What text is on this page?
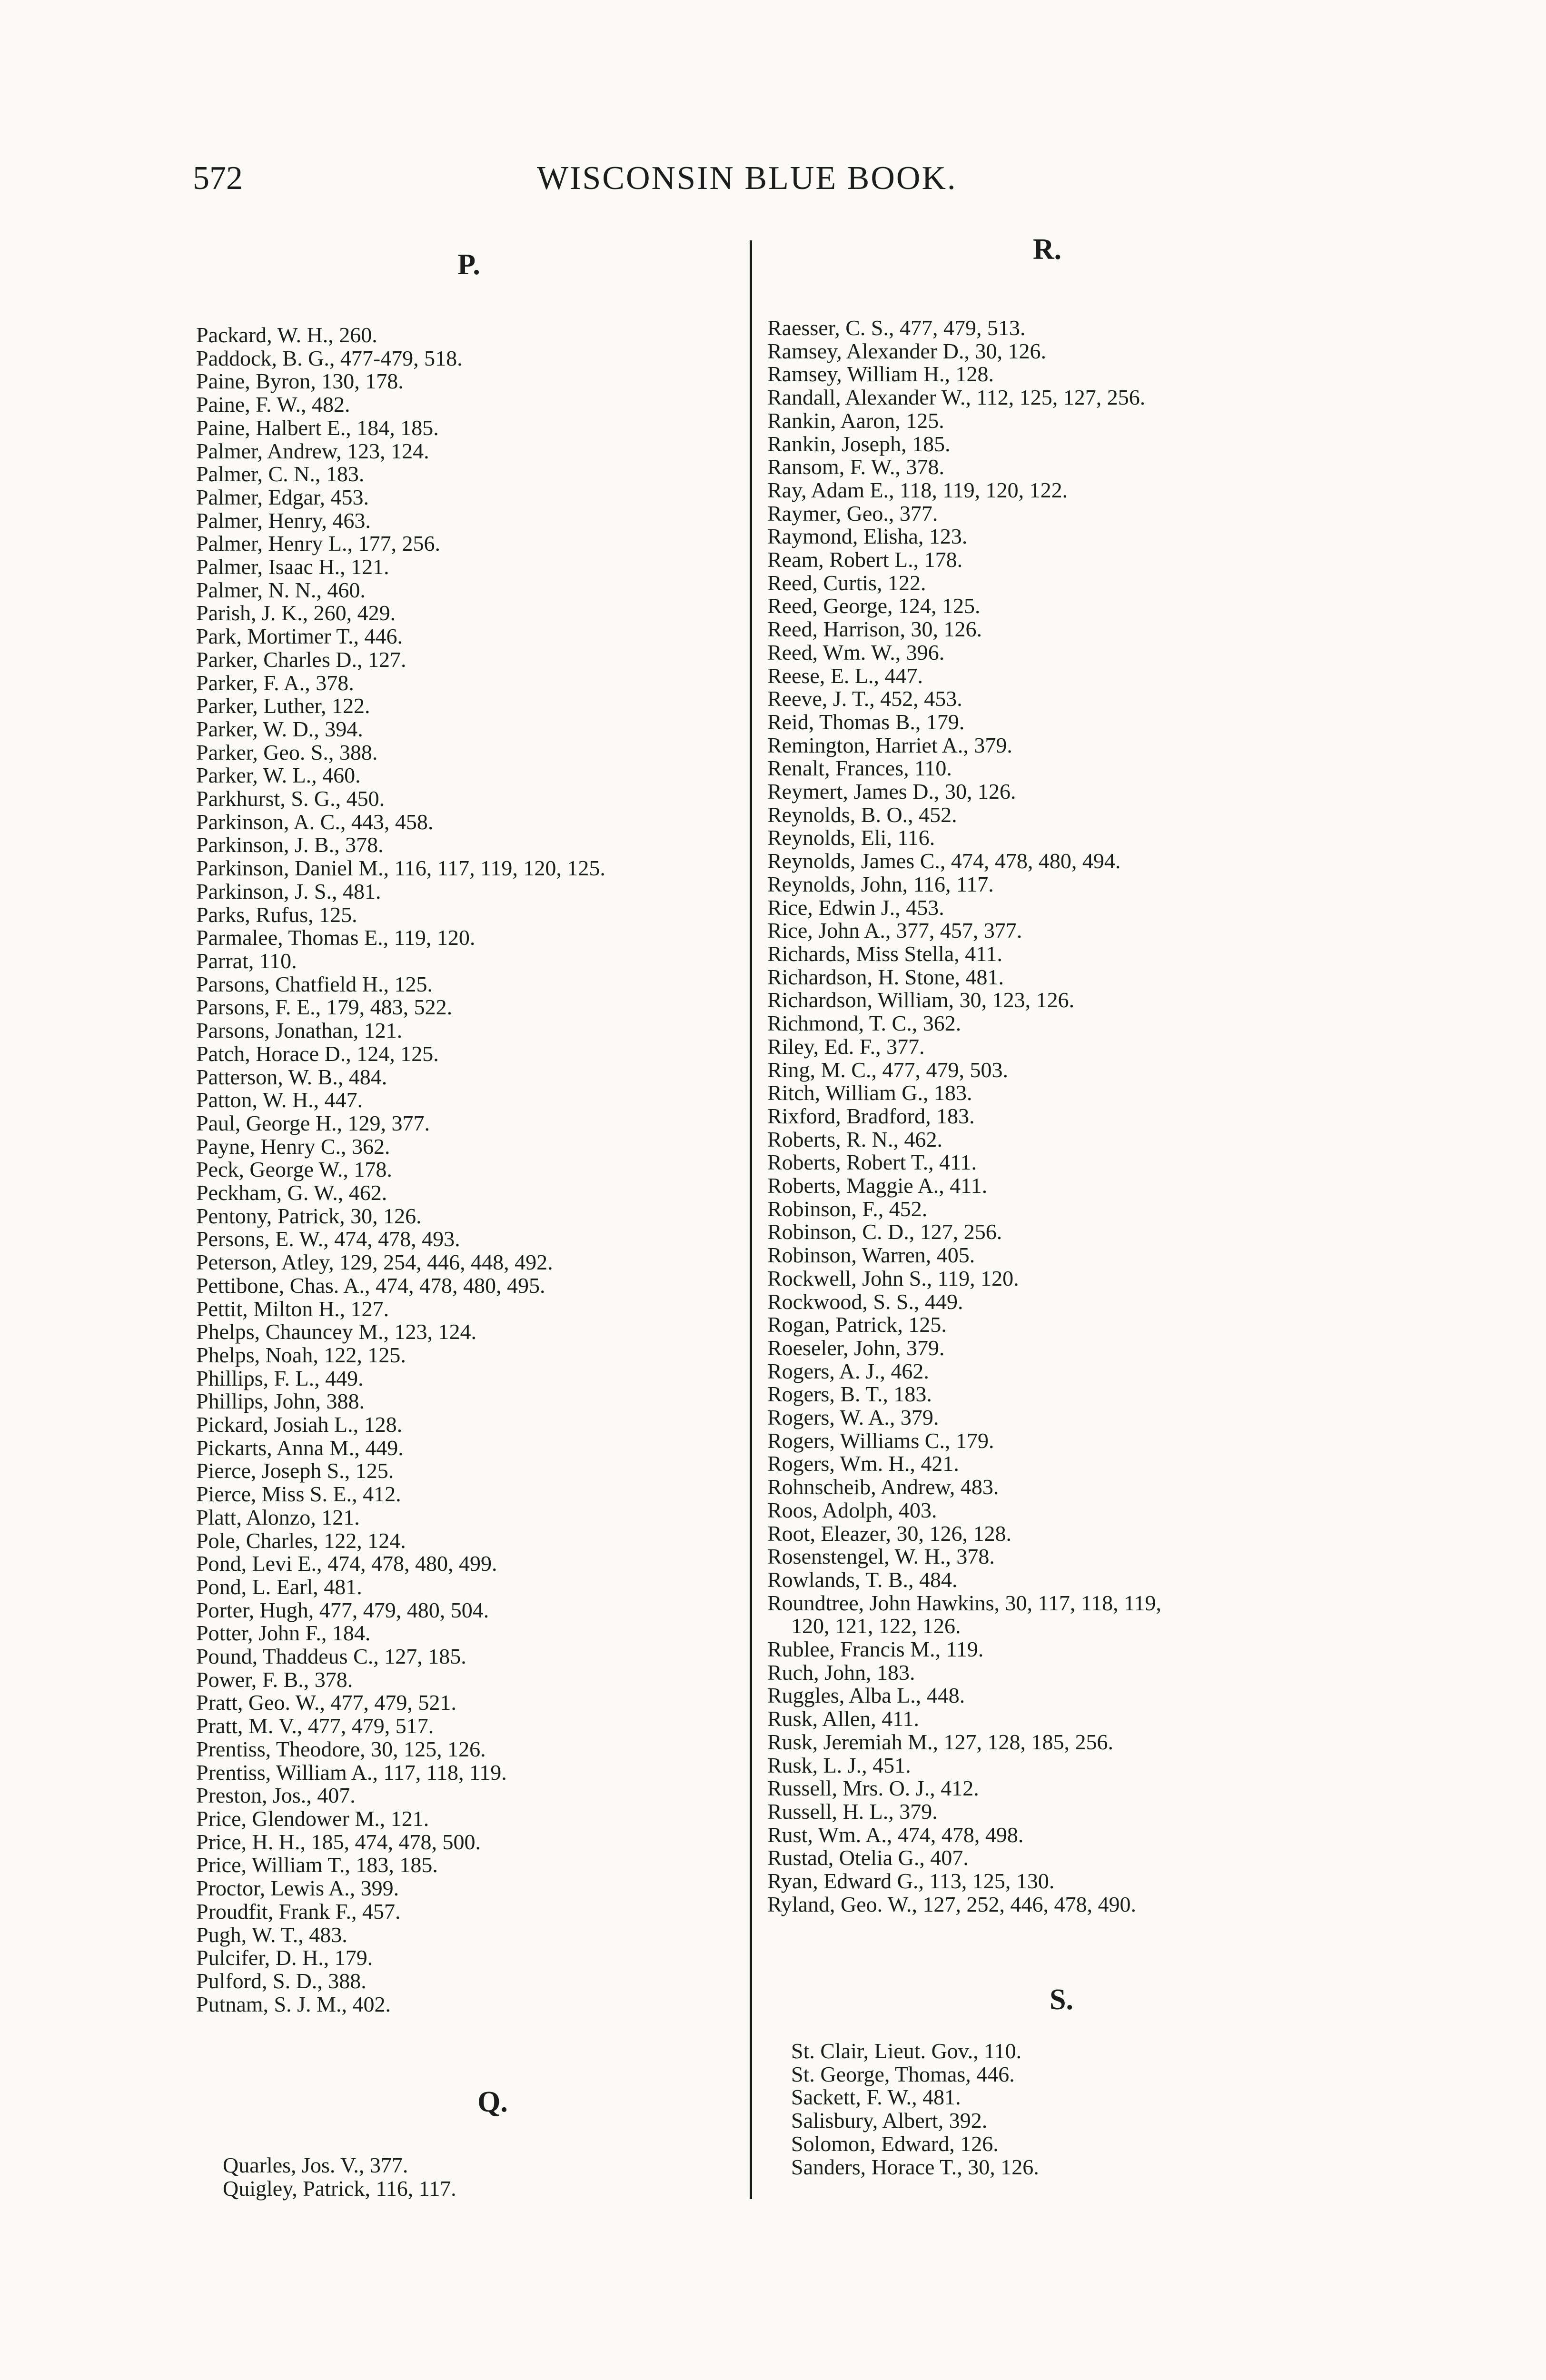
572	WISCONSIN BLUE BOOK.
P.
Packard, W. H., 260.
Paddock, B. G., 477-479, 518.
Paine, Byron, 130, 178.
Paine, F. W., 482.
Paine, Halbert E., 184, 185.
Palmer, Andrew, 123, 124.
Palmer, C. N., 183.
Palmer, Edgar, 453.
Palmer, Henry, 463.
Palmer, Henry L., 177, 256.
Palmer, Isaac H., 121.
Palmer, N. N., 460.
Parish, J. K., 260, 429.
Park, Mortimer T., 446.
Parker, Charles D., 127.
Parker, F. A., 378.
Parker, Luther, 122.
Parker, W. D., 394.
Parker, Geo. S., 388.
Parker, W. L., 460.
Parkhurst, S. G., 450.
Parkinson, A. C., 443, 458.
Parkinson, J. B., 378.
Parkinson, Daniel M., 116, 117, 119, 120, 125.
Parkinson, J. S., 481.
Parks, Rufus, 125.
Parmalee, Thomas E., 119, 120.
Parrat, 110.
Parsons, Chatfield H., 125.
Parsons, F. E., 179, 483, 522.
Parsons, Jonathan, 121.
Patch, Horace D., 124, 125.
Patterson, W. B., 484.
Patton, W. H., 447.
Paul, George H., 129, 377.
Payne, Henry C., 362.
Peck, George W., 178.
Peckham, G. W., 462.
Pentony, Patrick, 30, 126.
Persons, E. W., 474, 478, 493.
Peterson, Atley, 129, 254, 446, 448, 492.
Pettibone, Chas. A., 474, 478, 480, 495.
Pettit, Milton H., 127.
Phelps, Chauncey M., 123, 124.
Phelps, Noah, 122, 125.
Phillips, F. L., 449.
Phillips, John, 388.
Pickard, Josiah L., 128.
Pickarts, Anna M., 449.
Pierce, Joseph S., 125.
Pierce, Miss S. E., 412.
Platt, Alonzo, 121.
Pole, Charles, 122, 124.
Pond, Levi E., 474, 478, 480, 499.
Pond, L. Earl, 481.
Porter, Hugh, 477, 479, 480, 504.
Potter, John F., 184.
Pound, Thaddeus C., 127, 185.
Power, F. B., 378.
Pratt, Geo. W., 477, 479, 521.
Pratt, M. V., 477, 479, 517.
Prentiss, Theodore, 30, 125, 126.
Prentiss, William A., 117, 118, 119.
Preston, Jos., 407.
Price, Glendower M., 121.
Price, H. H., 185, 474, 478, 500.
Price, William T., 183, 185.
Proctor, Lewis A., 399.
Proudfit, Frank F., 457.
Pugh, W. T., 483.
Pulcifer, D. H., 179.
Pulford, S. D., 388.
Putnam, S. J. M., 402.
Q.
Quarles, Jos. V., 377.
Quigley, Patrick, 116, 117.
R.
Raesser, C. S., 477, 479, 513.
Ramsey, Alexander D., 30, 126.
Ramsey, William H., 128.
Randall, Alexander W., 112, 125, 127, 256.
Rankin, Aaron, 125.
Rankin, Joseph, 185.
Ransom, F. W., 378.
Ray, Adam E., 118, 119, 120, 122.
Raymer, Geo., 377.
Raymond, Elisha, 123.
Ream, Robert L., 178.
Reed, Curtis, 122.
Reed, George, 124, 125.
Reed, Harrison, 30, 126.
Reed, Wm. W., 396.
Reese, E. L., 447.
Reeve, J. T., 452, 453.
Reid, Thomas B., 179.
Remington, Harriet A., 379.
Renalt, Frances, 110.
Reymert, James D., 30, 126.
Reynolds, B. O., 452.
Reynolds, Eli, 116.
Reynolds, James C., 474, 478, 480, 494.
Reynolds, John, 116, 117.
Rice, Edwin J., 453.
Rice, John A., 377, 457, 377.
Richards, Miss Stella, 411.
Richardson, H. Stone, 481.
Richardson, William, 30, 123, 126.
Richmond, T. C., 362.
Riley, Ed. F., 377.
Ring, M. C., 477, 479, 503.
Ritch, William G., 183.
Rixford, Bradford, 183.
Roberts, R. N., 462.
Roberts, Robert T., 411.
Roberts, Maggie A., 411.
Robinson, F., 452.
Robinson, C. D., 127, 256.
Robinson, Warren, 405.
Rockwell, John S., 119, 120.
Rockwood, S. S., 449.
Rogan, Patrick, 125.
Roeseler, John, 379.
Rogers, A. J., 462.
Rogers, B. T., 183.
Rogers, W. A., 379.
Rogers, Williams C., 179.
Rogers, Wm. H., 421.
Rohnscheib, Andrew, 483.
Roos, Adolph, 403.
Root, Eleazer, 30, 126, 128.
Rosenstengel, W. H., 378.
Rowlands, T. B., 484.
Roundtree, John Hawkins, 30, 117, 118, 119,
120, 121, 122, 126.
Rublee, Francis M., 119.
Ruch, John, 183.
Ruggles, Alba L., 448.
Rusk, Allen, 411.
Rusk, Jeremiah M., 127, 128, 185, 256.
Rusk, L. J., 451.
Russell, Mrs. O. J., 412.
Russell, H. L., 379.
Rust, Wm. A., 474, 478, 498.
Rustad, Otelia G., 407.
Ryan, Edward G., 113, 125, 130.
Ryland, Geo. W., 127, 252, 446, 478, 490.
S.
St. Clair, Lieut. Gov., 110.
St. George, Thomas, 446.
Sackett, F. W., 481.
Salisbury, Albert, 392.
Solomon, Edward, 126.
Sanders, Horace T., 30, 126.
